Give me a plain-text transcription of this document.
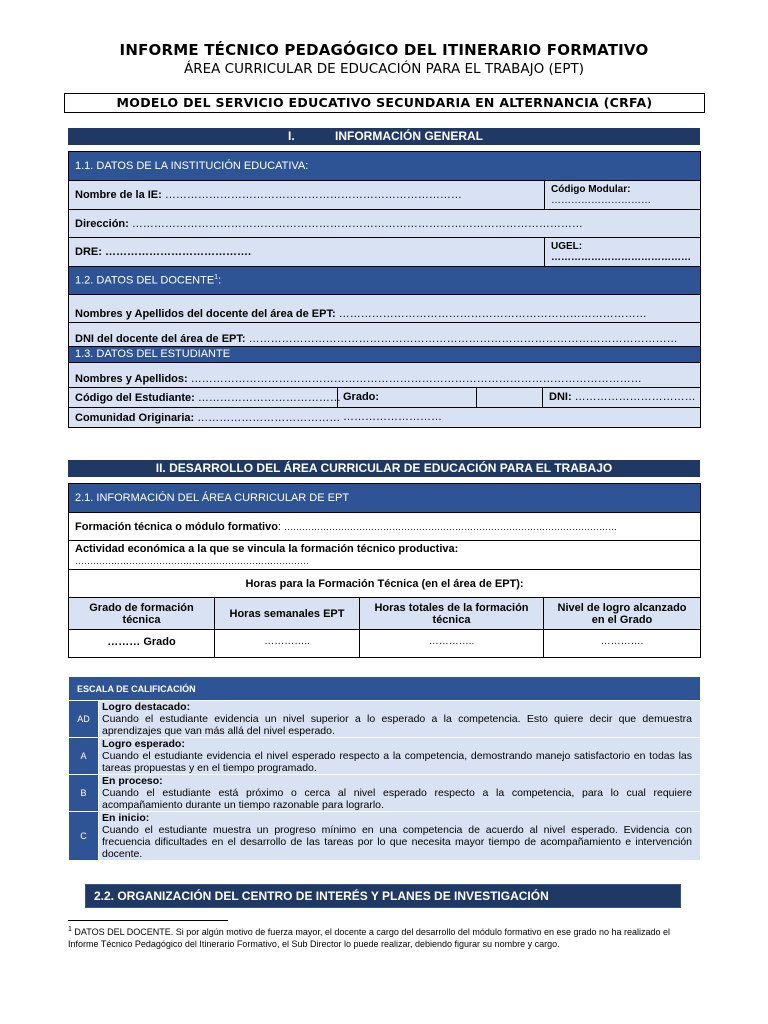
INFORME TÉCNICO PEDAGÓGICO DEL ITINERARIO FORMATIVO
ÁREA CURRICULAR DE EDUCACIÓN PARA EL TRABAJO (EPT)
MODELO DEL SERVICIO EDUCATIVO SECUNDARIA EN ALTERNANCIA (CRFA)
I.	INFORMACIÓN GENERAL
1.1. DATOS DE LA INSTITUCIÓN EDUCATIVA:		
Nombre de la IE: ………………………………………………………………………		Código Modular: …………………………
Dirección: ……………………………………………………………………………………………………………		
DRE: ………………………………….		UGEL: ……………………………………
1.2. DATOS DEL DOCENTE$^1$:		
Nombres y Apellidos del docente del área de EPT: …………………………………………………………………………		
DNI del docente del área de EPT: ………………………………………………………………………………………………………		
1.3. DATOS DEL ESTUDIANTE		
Nombres y Apellidos: ……………………………………………………………………………………………………………		
Código del Estudiante: ………………………………… Grado: ………………………	DNI: ……………………………	

Comunidad Originaria: …………………………………		
II. DESARROLLO DEL ÁREA CURRICULAR DE EDUCACIÓN PARA EL TRABAJO
2.1. INFORMACIÓN DEL ÁREA CURRICULAR DE EPT			
Formación técnica o módulo formativo: …………………………………………………………………………………………………			
Actividad económica a la que se vincula la formación técnico productiva: ……………………………………………………………………			
Horas para la Formación Técnica (en el área de EPT):			
Grado de formación técnica	Horas semanales EPT	Horas totales de la formación técnica	Nivel de logro alcanzado en el Grado
……… Grado	…………..	…………..	………….
ESCALA DE CALIFICACIÓN	
AD	Logro destacado:
Cuando el estudiante evidencia un nivel superior a lo esperado a la competencia. Esto quiere decir que demuestra aprendizajes que van más allá del nivel esperado.

A	Logro esperado:
Cuando el estudiante evidencia el nivel esperado respecto a la competencia, demostrando manejo satisfactorio en todas las tareas propuestas y en el tiempo programado.

B	En proceso:
Cuando el estudiante está próximo o cerca al nivel esperado respecto a la competencia, para lo cual requiere acompañamiento durante un tiempo razonable para lograrlo.

C	En inicio:
Cuando el estudiante muestra un progreso mínimo en una competencia de acuerdo al nivel esperado. Evidencia con frecuencia dificultades en el desarrollo de las tareas por lo que necesita mayor tiempo de acompañamiento e intervención docente.
2.2. ORGANIZACIÓN DEL CENTRO DE INTERÉS Y PLANES DE INVESTIGACIÓN
$^1$ DATOS DEL DOCENTE. Si por algún motivo de fuerza mayor, el docente a cargo del desarrollo del módulo formativo en ese grado no ha realizado el Informe Técnico Pedagógico del Itinerario Formativo, el Sub Director lo puede realizar, debiendo figurar su nombre y cargo.
